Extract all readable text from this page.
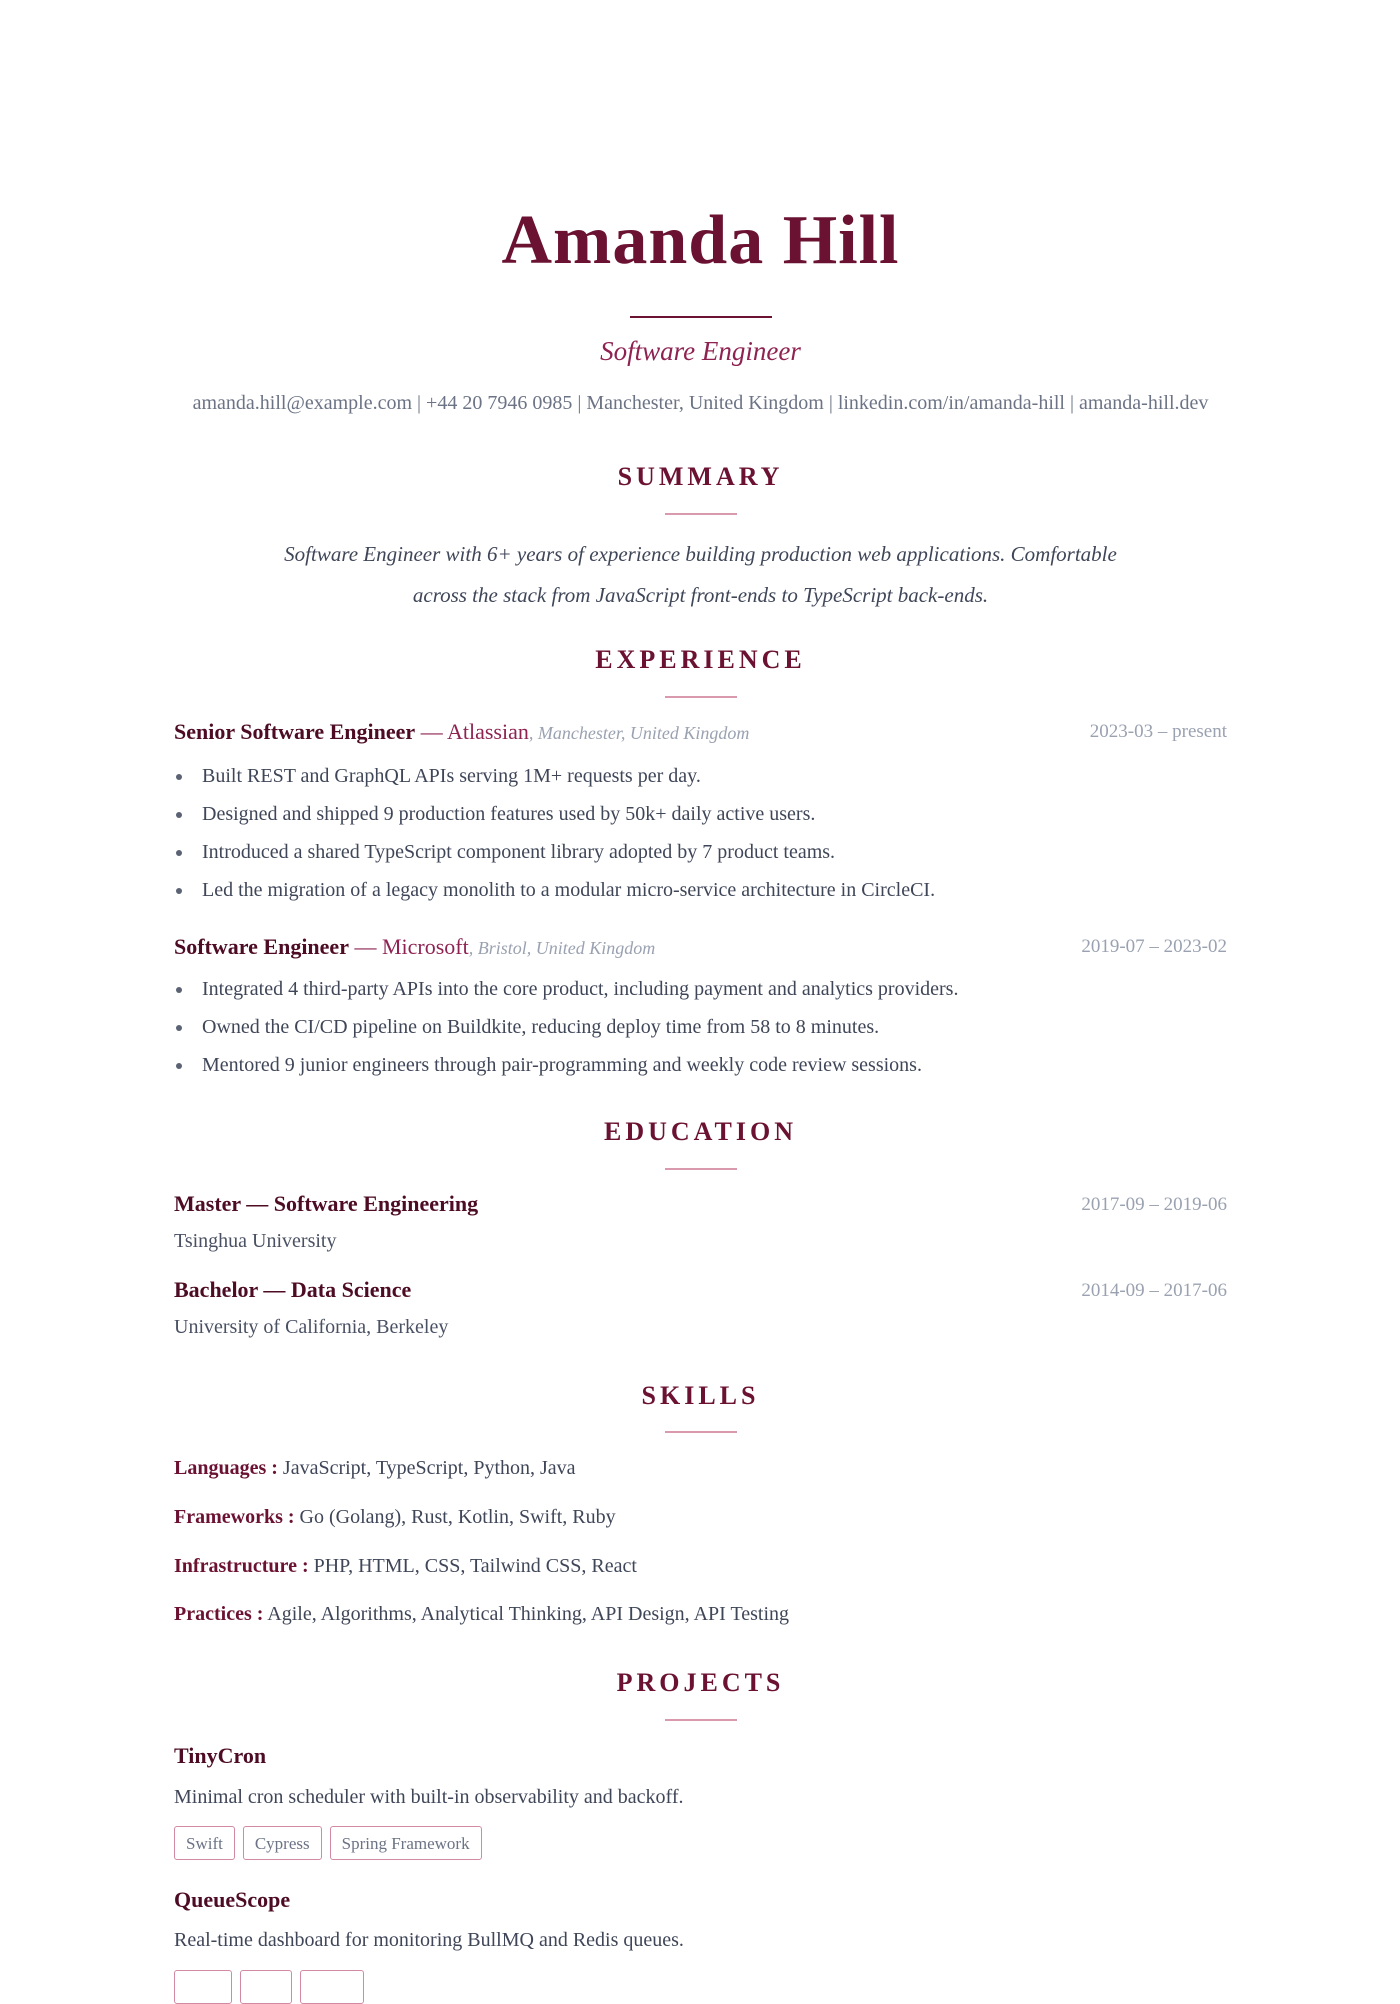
Amanda Hill
Software Engineer
amanda.hill@example.com | +44 20 7946 0985 | Manchester, United Kingdom | linkedin.com/in/amanda-hill | amanda-hill.dev
SUMMARY
Software Engineer with 6+ years of experience building production web applications. Comfortable
across the stack from JavaScript front-ends to TypeScript back-ends.
EXPERIENCE
Senior Software Engineer — Atlassian, Manchester, United Kingdom	2023-03 – present
Built REST and GraphQL APIs serving 1M+ requests per day.
Designed and shipped 9 production features used by 50k+ daily active users.
Introduced a shared TypeScript component library adopted by 7 product teams.
Led the migration of a legacy monolith to a modular micro-service architecture in CircleCI.
Software Engineer — Microsoft, Bristol, United Kingdom	2019-07 – 2023-02
Integrated 4 third-party APIs into the core product, including payment and analytics providers.
Owned the CI/CD pipeline on Buildkite, reducing deploy time from 58 to 8 minutes.
Mentored 9 junior engineers through pair-programming and weekly code review sessions.
EDUCATION
Master — Software Engineering	2017-09 – 2019-06
Tsinghua University
Bachelor — Data Science	2014-09 – 2017-06
University of California, Berkeley
SKILLS
Languages : JavaScript, TypeScript, Python, Java
Frameworks : Go (Golang), Rust, Kotlin, Swift, Ruby
Infrastructure : PHP, HTML, CSS, Tailwind CSS, React
Practices : Agile, Algorithms, Analytical Thinking, API Design, API Testing
PROJECTS
TinyCron
Minimal cron scheduler with built-in observability and backoff.
Swift	Cypress	Spring Framework
QueueScope
Real-time dashboard for monitoring BullMQ and Redis queues.
